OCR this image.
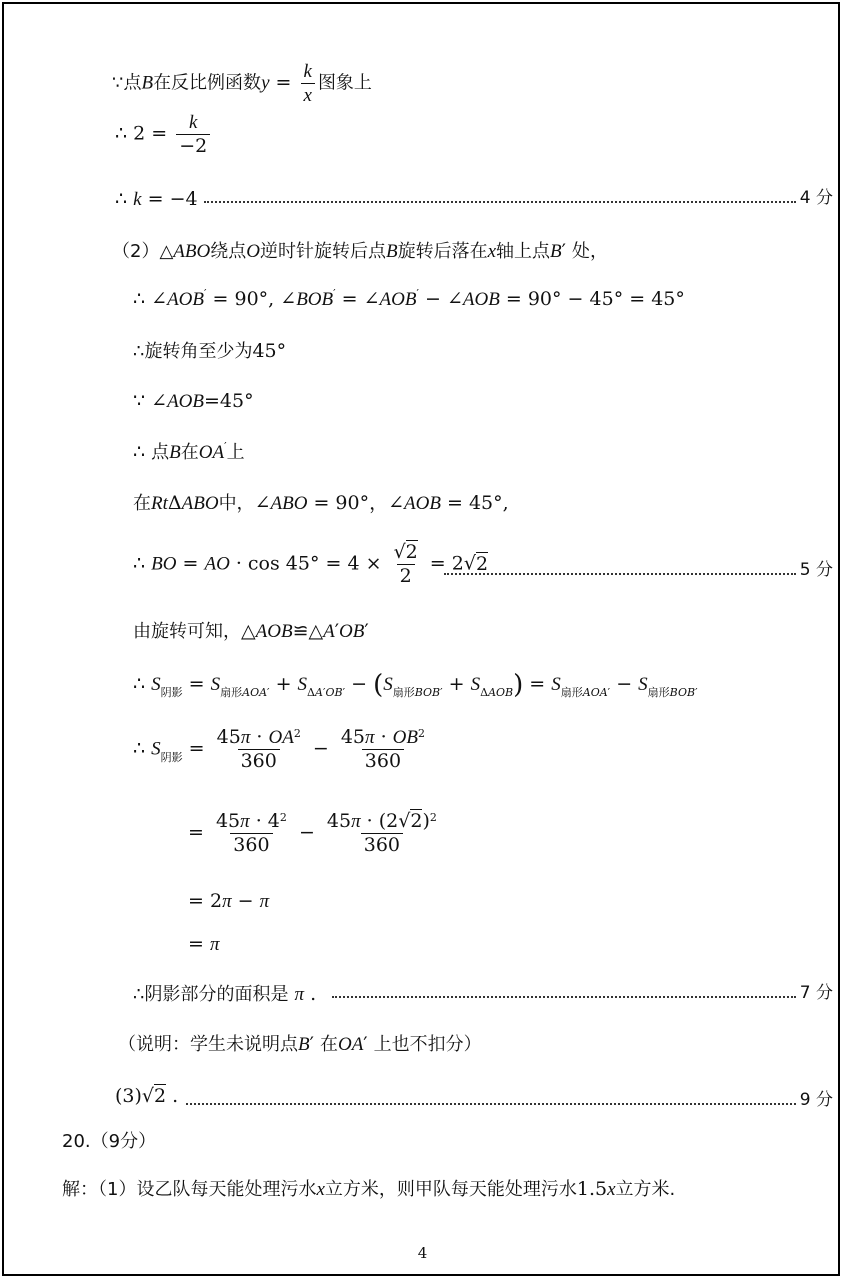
∵点B在反比例函数$y = \frac{k}{x}$ 图象上
∴ $2 = \frac{k}{-2}$
∴ k = −4	4 分
（2）△ABO绕点O逆时针旋转后点B旋转后落在x轴上点B′ 处，
∴ ∠AOB′ = 90°, ∠BOB′ = ∠AOB′ − ∠AOB = 90° − 45° = 45°
∴旋转角至少为45°
∵ ∠AOB=45°
∴ 点B在OA′上
在RtΔABO中，∠ABO = 90°，∠AOB = 45°,
∴ BO = AO · $\cos 45^\circ = 4 \times \frac{√2}{2} = 2√2$	5 分
由旋转可知，△AOB≌△A′OB′
∴ $S_{阴影} = S_{扇形AOA'} + S_{\Delta A'OB'} - (S_{扇形BOB'} + S_{\Delta AOB}) = S_{扇形AOA'} - S_{扇形BOB'}$
∴ $S_{阴影} = \frac{45\pi \cdot OA^2}{360} - \frac{45\pi \cdot OB^2}{360}$
= $\frac{45\pi \cdot 4^2}{360} - \frac{45\pi \cdot (2√2)^2}{360}$
= 2π − π
= π
∴阴影部分的面积是 π .	7 分
（说明：学生未说明点B′ 在OA′ 上也不扣分）
(3)√2 .	9 分
20.（9分）
解：（1）设乙队每天能处理污水x立方米，则甲队每天能处理污水1.5x立方米.
4
